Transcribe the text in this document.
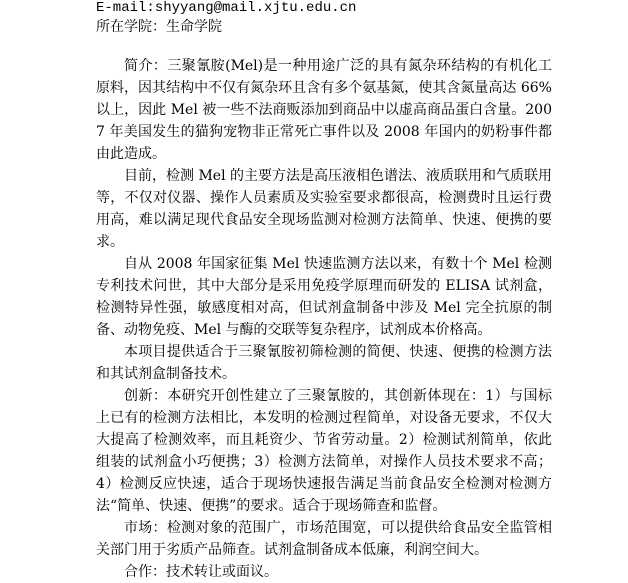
E-mail:shyyang@mail.xjtu.edu.cn
所在学院：生命学院

简介：三聚氰胺(Mel)是一种用途广泛的具有氮杂环结构的有机化工原料，因其结构中不仅有氮杂环且含有多个氨基氮，使其含氮量高达 66%以上，因此 Mel 被一些不法商贩添加到商品中以虚高商品蛋白含量。2007 年美国发生的猫狗宠物非正常死亡事件以及 2008 年国内的奶粉事件都由此造成。

目前，检测 Mel 的主要方法是高压液相色谱法、液质联用和气质联用等，不仅对仪器、操作人员素质及实验室要求都很高，检测费时且运行费用高，难以满足现代食品安全现场监测对检测方法简单、快速、便携的要求。

自从 2008 年国家征集 Mel 快速监测方法以来，有数十个 Mel 检测专利技术问世，其中大部分是采用免疫学原理而研发的 ELISA 试剂盒，检测特异性强，敏感度相对高，但试剂盒制备中涉及 Mel 完全抗原的制备、动物免疫、Mel 与酶的交联等复杂程序，试剂成本价格高。

本项目提供适合于三聚氰胺初筛检测的简便、快速、便携的检测方法和其试剂盒制备技术。

创新：本研究开创性建立了三聚氰胺的，其创新体现在：1）与国标上已有的检测方法相比，本发明的检测过程简单，对设备无要求，不仅大大提高了检测效率，而且耗资少、节省劳动量。2）检测试剂简单，依此组装的试剂盒小巧便携；3）检测方法简单，对操作人员技术要求不高；4）检测反应快速，适合于现场快速报告满足当前食品安全检测对检测方法“简单、快速、便携”的要求。适合于现场筛查和监督。

市场：检测对象的范围广，市场范围宽，可以提供给食品安全监管相关部门用于劣质产品筛查。试剂盒制备成本低廉，利润空间大。

合作：技术转让或面议。
